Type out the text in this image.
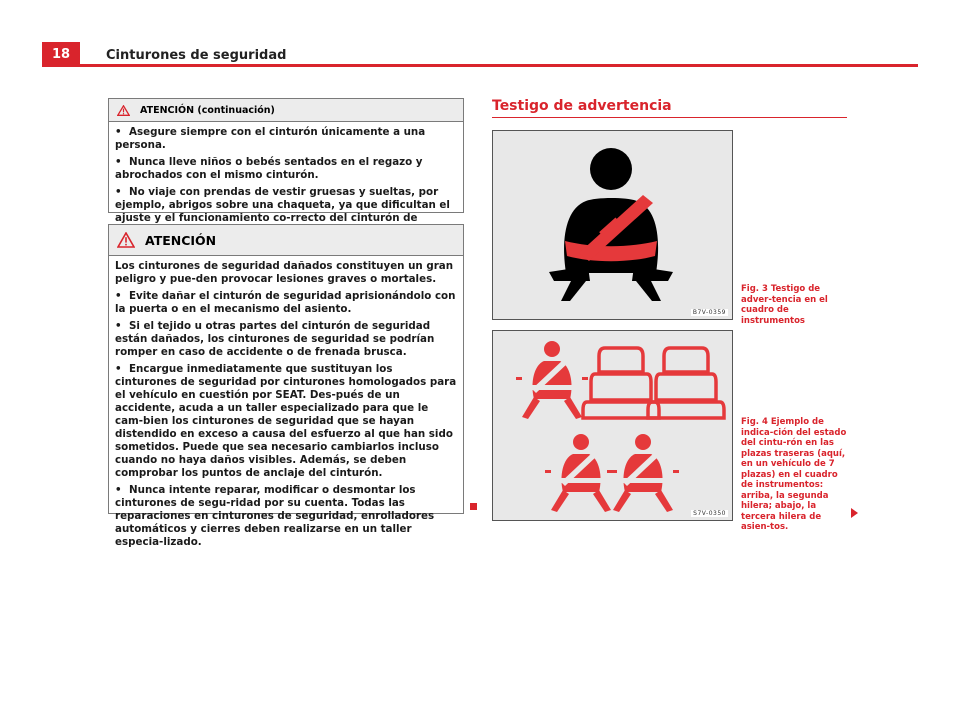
18	Cinturones de seguridad
ATENCIÓN (continuación)

• Asegure siempre con el cinturón únicamente a una persona.

• Nunca lleve niños o bebés sentados en el regazo y abrochados con el mismo cinturón.

• No viaje con prendas de vestir gruesas y sueltas, por ejemplo, abrigos sobre una chaqueta, ya que dificultan el ajuste y el funcionamiento co-rrecto del cinturón de

ATENCIÓN

Los cinturones de seguridad dañados constituyen un gran peligro y pue-den provocar lesiones graves o mortales.

• Evite dañar el cinturón de seguridad aprisionándolo con la puerta o en el mecanismo del asiento.

• Si el tejido u otras partes del cinturón de seguridad están dañados, los cinturones de seguridad se podrían romper en caso de accidente o de frenada brusca.

• Encargue inmediatamente que sustituyan los cinturones de seguridad por cinturones homologados para el vehículo en cuestión por SEAT. Des-pués de un accidente, acuda a un taller especializado para que le cam-bien los cinturones de seguridad que se hayan distendido en exceso a causa del esfuerzo al que han sido sometidos. Puede que sea necesario cambiarlos incluso cuando no haya daños visibles. Además, se deben comprobar los puntos de anclaje del cinturón.

• Nunca intente reparar, modificar o desmontar los cinturones de segu-ridad por su cuenta. Todas las reparaciones en cinturones de seguridad, enrolladores automáticos y cierres deben realizarse en un taller especia-lizado.

Testigo de advertencia
B7V-0359
Fig. 3 Testigo de adver-tencia en el cuadro de instrumentos
S7V-0350
Fig. 4 Ejemplo de indica-ción del estado del cintu-rón en las plazas traseras (aquí, en un vehículo de 7 plazas) en el cuadro de instrumentos: arriba, la segunda hilera; abajo, la tercera hilera de asien-tos.
